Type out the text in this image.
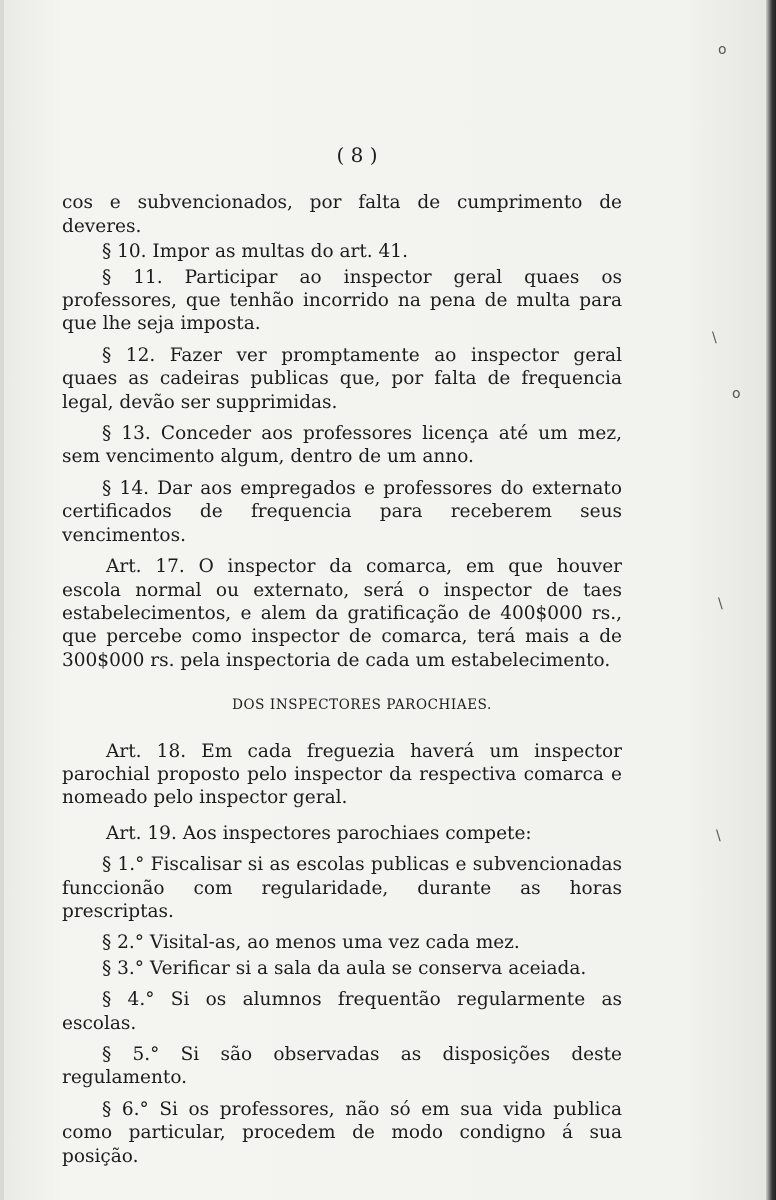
o
o
\
\
\
( 8 )

cos e subvencionados, por falta de cumprimento de deveres.

§ 10. Impor as multas do art. 41.

§ 11. Participar ao inspector geral quaes os professores, que tenhão incorrido na pena de multa para que lhe seja imposta.

§ 12. Fazer ver promptamente ao inspector geral quaes as cadeiras publicas que, por falta de frequencia legal, devão ser supprimidas.

§ 13. Conceder aos professores licença até um mez, sem vencimento algum, dentro de um anno.

§ 14. Dar aos empregados e professores do externato certificados de frequencia para receberem seus vencimentos.

Art. 17. O inspector da comarca, em que houver escola normal ou externato, será o inspector de taes estabelecimentos, e alem da gratificação de 400$000 rs., que percebe como inspector de comarca, terá mais a de 300$000 rs. pela inspectoria de cada um estabelecimento.

DOS INSPECTORES PAROCHIAES.

Art. 18. Em cada freguezia haverá um inspector parochial proposto pelo inspector da respectiva comarca e nomeado pelo inspector geral.

Art. 19. Aos inspectores parochiaes compete:

§ 1.° Fiscalisar si as escolas publicas e subvencionadas funccionão com regularidade, durante as horas prescriptas.

§ 2.° Visital-as, ao menos uma vez cada mez.

§ 3.° Verificar si a sala da aula se conserva aceiada.

§ 4.° Si os alumnos frequentão regularmente as escolas.

§ 5.° Si são observadas as disposições deste regulamento.

§ 6.° Si os professores, não só em sua vida publica como particular, procedem de modo condigno á sua posição.
